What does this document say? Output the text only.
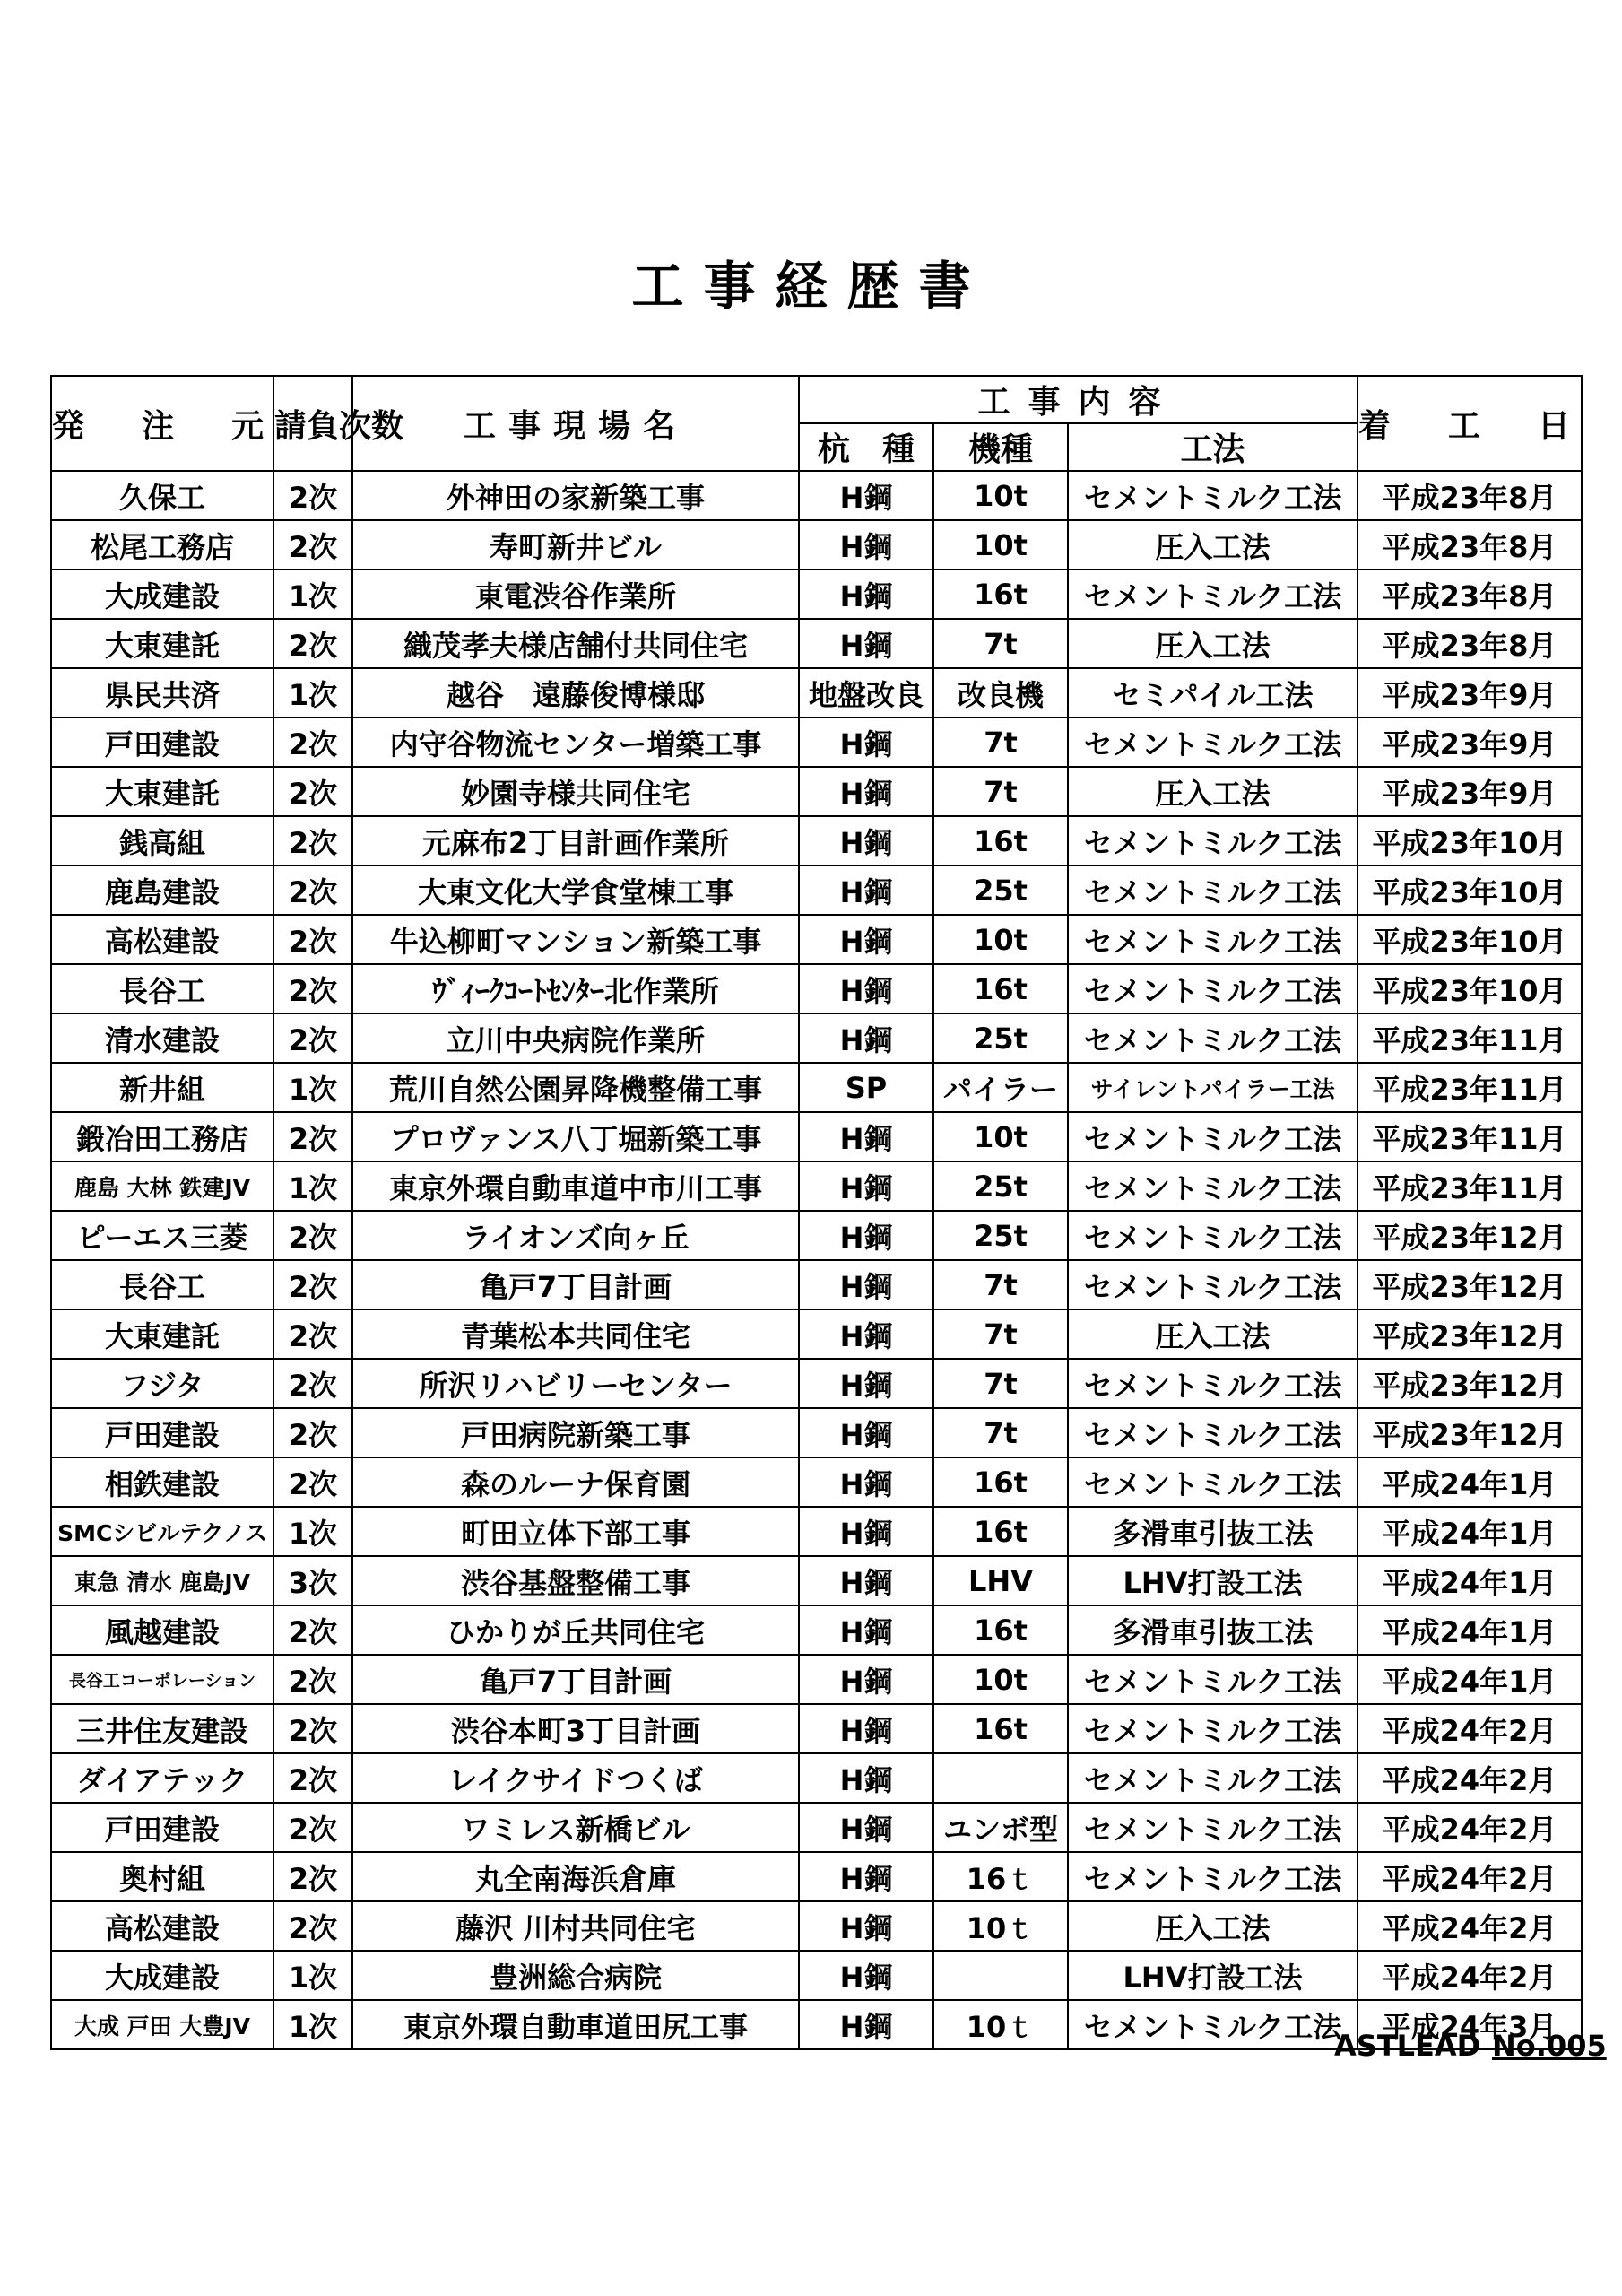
工事経歴書
発　注　元	請負次数	工事現場名	工事内容			着　工　日
			杭　種	機種	工法	
久保工	2次	外神田の家新築工事	H鋼	10t	セメントミルク工法	平成23年8月
松尾工務店	2次	寿町新井ビル	H鋼	10t	圧入工法	平成23年8月
大成建設	1次	東電渋谷作業所	H鋼	16t	セメントミルク工法	平成23年8月
大東建託	2次	織茂孝夫様店舗付共同住宅	H鋼	7t	圧入工法	平成23年8月
県民共済	1次	越谷　遠藤俊博様邸	地盤改良	改良機	セミパイル工法	平成23年9月
戸田建設	2次	内守谷物流センター増築工事	H鋼	7t	セメントミルク工法	平成23年9月
大東建託	2次	妙園寺様共同住宅	H鋼	7t	圧入工法	平成23年9月
銭高組	2次	元麻布2丁目計画作業所	H鋼	16t	セメントミルク工法	平成23年10月
鹿島建設	2次	大東文化大学食堂棟工事	H鋼	25t	セメントミルク工法	平成23年10月
高松建設	2次	牛込柳町マンション新築工事	H鋼	10t	セメントミルク工法	平成23年10月
長谷工	2次	ｳﾞｨｰｸｺｰﾄｾﾝﾀｰ北作業所	H鋼	16t	セメントミルク工法	平成23年10月
清水建設	2次	立川中央病院作業所	H鋼	25t	セメントミルク工法	平成23年11月
新井組	1次	荒川自然公園昇降機整備工事	SP	パイラー	サイレントパイラー工法	平成23年11月
鍛冶田工務店	2次	プロヴァンス八丁堀新築工事	H鋼	10t	セメントミルク工法	平成23年11月
鹿島 大林 鉄建JV	1次	東京外環自動車道中市川工事	H鋼	25t	セメントミルク工法	平成23年11月
ピーエス三菱	2次	ライオンズ向ヶ丘	H鋼	25t	セメントミルク工法	平成23年12月
長谷工	2次	亀戸7丁目計画	H鋼	7t	セメントミルク工法	平成23年12月
大東建託	2次	青葉松本共同住宅	H鋼	7t	圧入工法	平成23年12月
フジタ	2次	所沢リハビリーセンター	H鋼	7t	セメントミルク工法	平成23年12月
戸田建設	2次	戸田病院新築工事	H鋼	7t	セメントミルク工法	平成23年12月
相鉄建設	2次	森のルーナ保育園	H鋼	16t	セメントミルク工法	平成24年1月
SMCシビルテクノス	1次	町田立体下部工事	H鋼	16t	多滑車引抜工法	平成24年1月
東急 清水 鹿島JV	3次	渋谷基盤整備工事	H鋼	LHV	LHV打設工法	平成24年1月
風越建設	2次	ひかりが丘共同住宅	H鋼	16t	多滑車引抜工法	平成24年1月
長谷工コーポレーション	2次	亀戸7丁目計画	H鋼	10t	セメントミルク工法	平成24年1月
三井住友建設	2次	渋谷本町3丁目計画	H鋼	16t	セメントミルク工法	平成24年2月
ダイアテック	2次	レイクサイドつくば	H鋼		セメントミルク工法	平成24年2月
戸田建設	2次	ワミレス新橋ビル	H鋼	ユンボ型	セメントミルク工法	平成24年2月
奥村組	2次	丸全南海浜倉庫	H鋼	16ｔ	セメントミルク工法	平成24年2月
高松建設	2次	藤沢 川村共同住宅	H鋼	10ｔ	圧入工法	平成24年2月
大成建設	1次	豊洲総合病院	H鋼		LHV打設工法	平成24年2月
大成 戸田 大豊JV	1次	東京外環自動車道田尻工事	H鋼	10ｔ	セメントミルク工法	平成24年3月
ASTLEAD No.005
